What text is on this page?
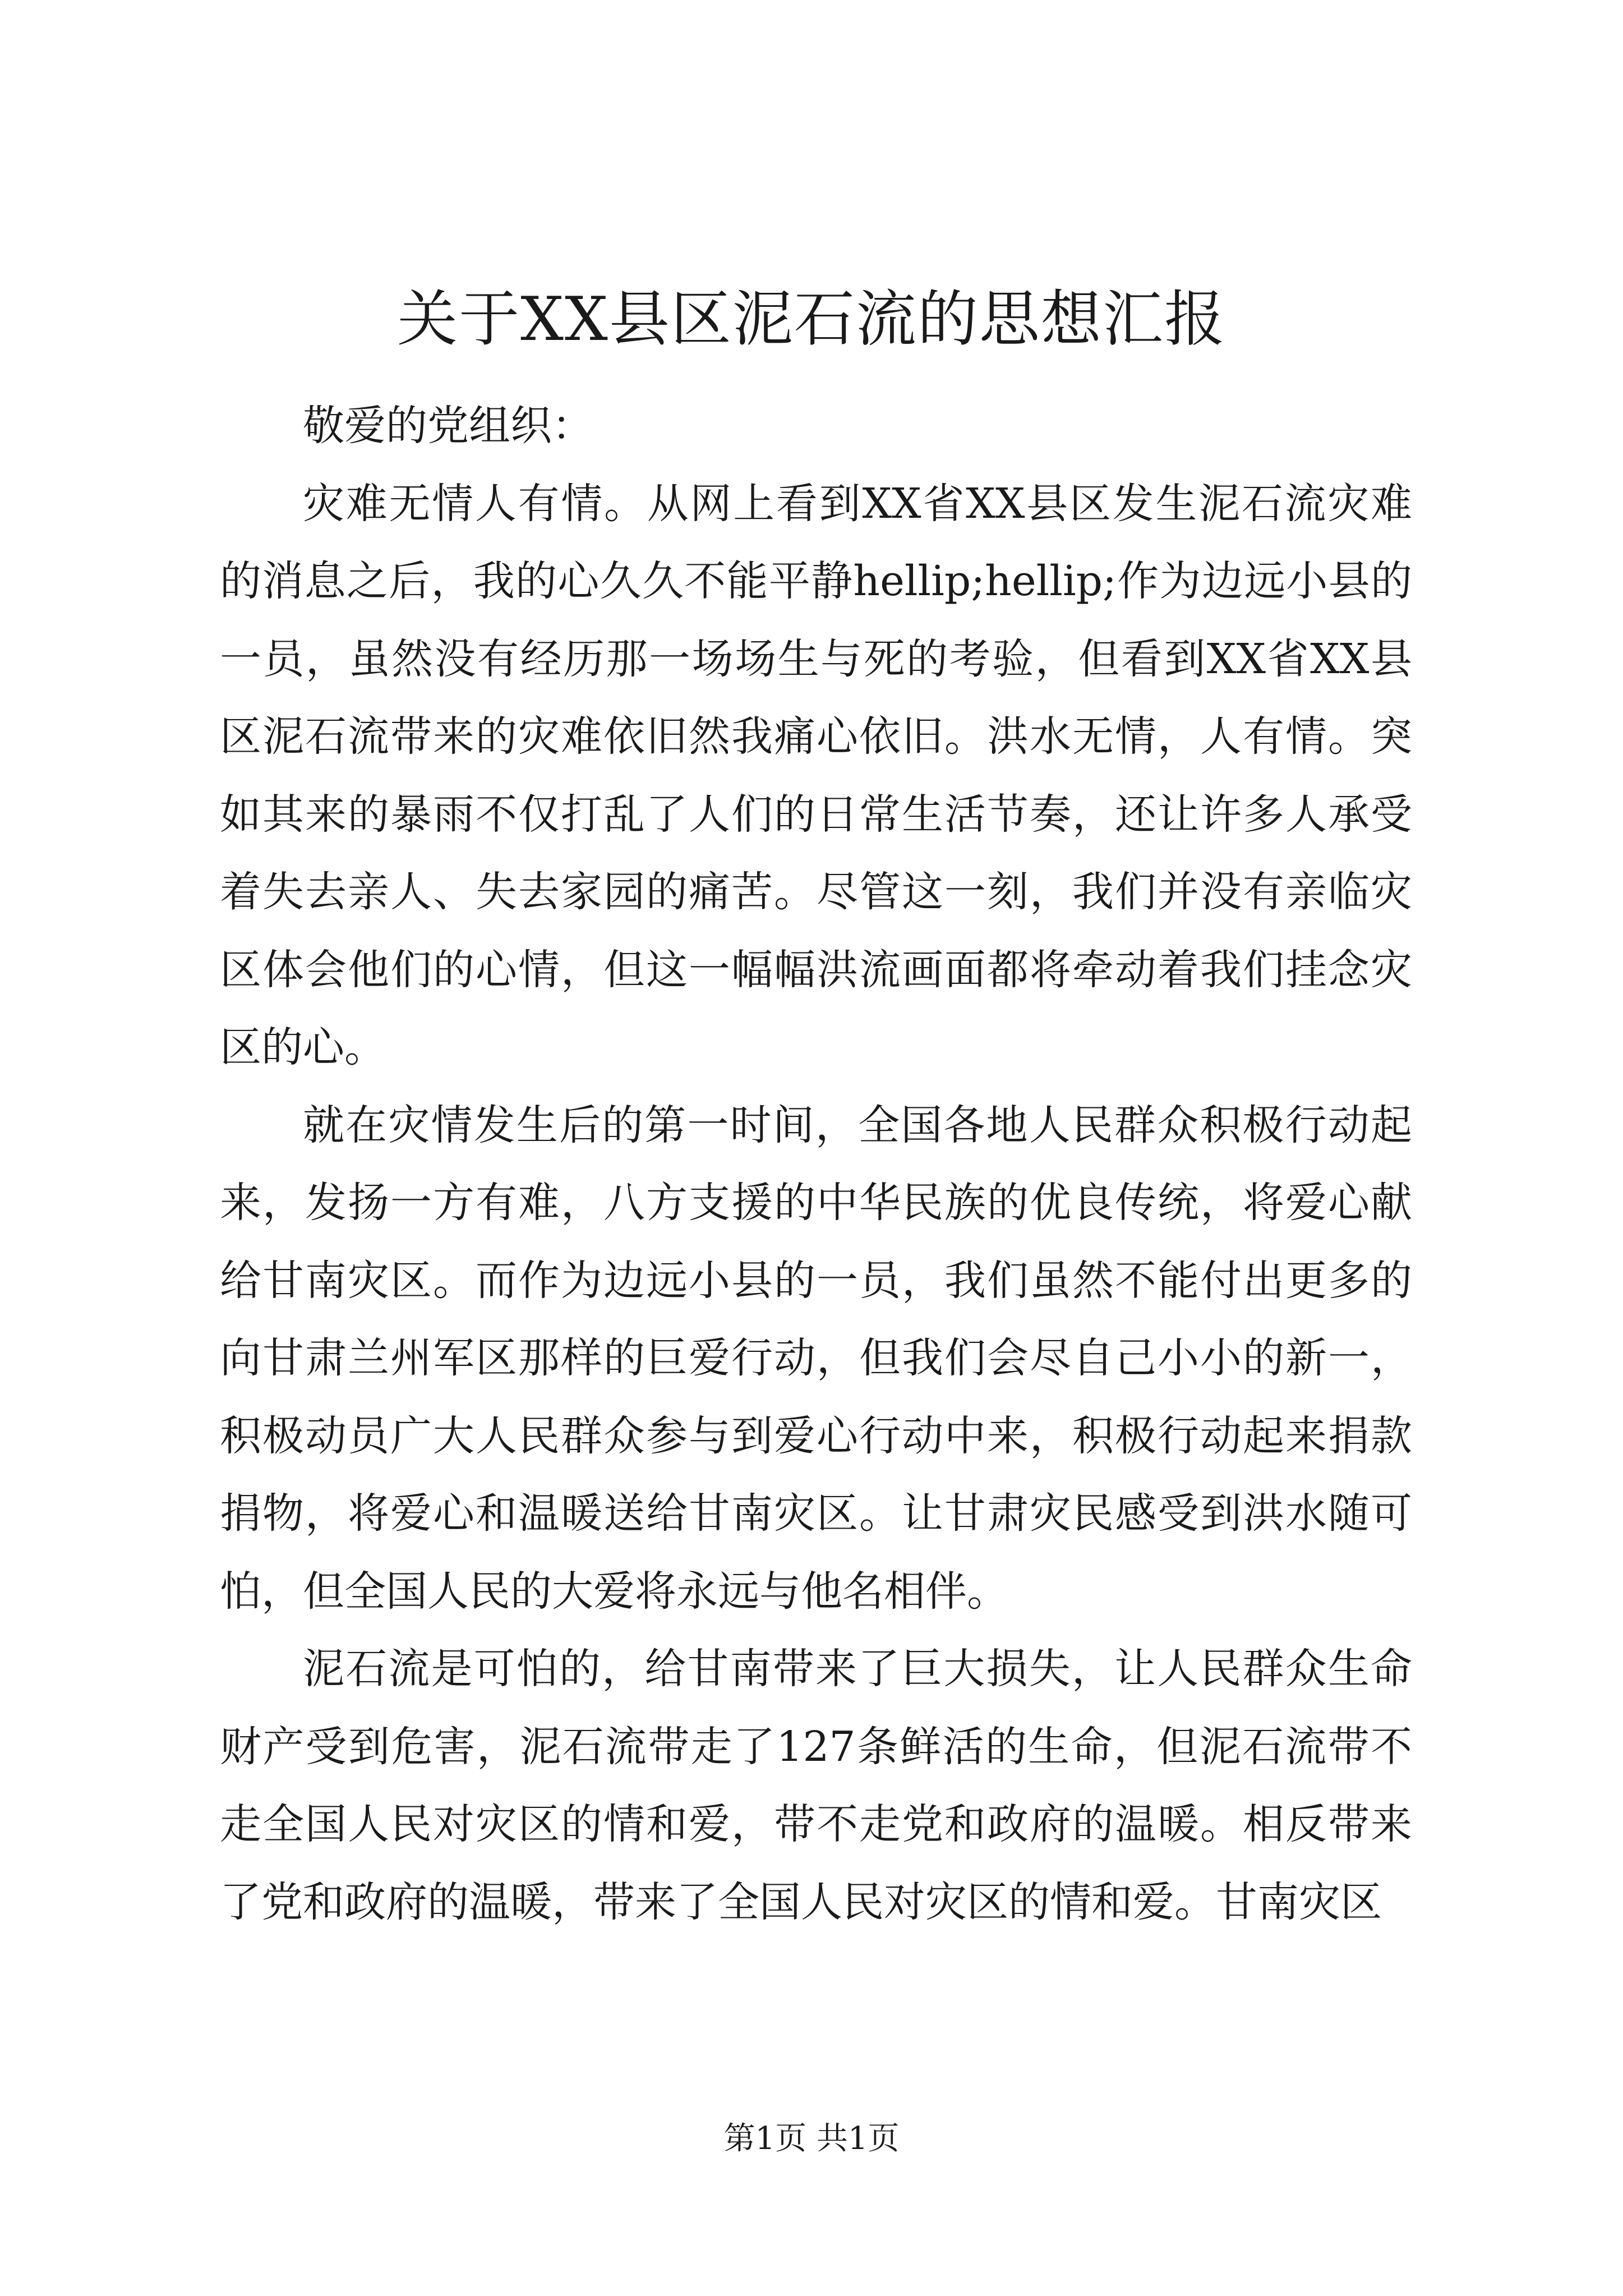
关于XX县区泥石流的思想汇报

敬爱的党组织：

灾难无情人有情。从网上看到XX省XX县区发生泥石流灾难的消息之后，我的心久久不能平静hellip;hellip;作为边远小县的一员，虽然没有经历那一场场生与死的考验，但看到XX省XX县区泥石流带来的灾难依旧然我痛心依旧。洪水无情，人有情。突如其来的暴雨不仅打乱了人们的日常生活节奏，还让许多人承受着失去亲人、失去家园的痛苦。尽管这一刻，我们并没有亲临灾区体会他们的心情，但这一幅幅洪流画面都将牵动着我们挂念灾区的心。

就在灾情发生后的第一时间，全国各地人民群众积极行动起来，发扬一方有难，八方支援的中华民族的优良传统，将爱心献给甘南灾区。而作为边远小县的一员，我们虽然不能付出更多的向甘肃兰州军区那样的巨爱行动，但我们会尽自己小小的新一，积极动员广大人民群众参与到爱心行动中来，积极行动起来捐款捐物，将爱心和温暖送给甘南灾区。让甘肃灾民感受到洪水随可怕，但全国人民的大爱将永远与他名相伴。

泥石流是可怕的，给甘南带来了巨大损失，让人民群众生命财产受到危害，泥石流带走了127条鲜活的生命，但泥石流带不走全国人民对灾区的情和爱，带不走党和政府的温暖。相反带来了党和政府的温暖，带来了全国人民对灾区的情和爱。甘南灾区

第1页 共1页
